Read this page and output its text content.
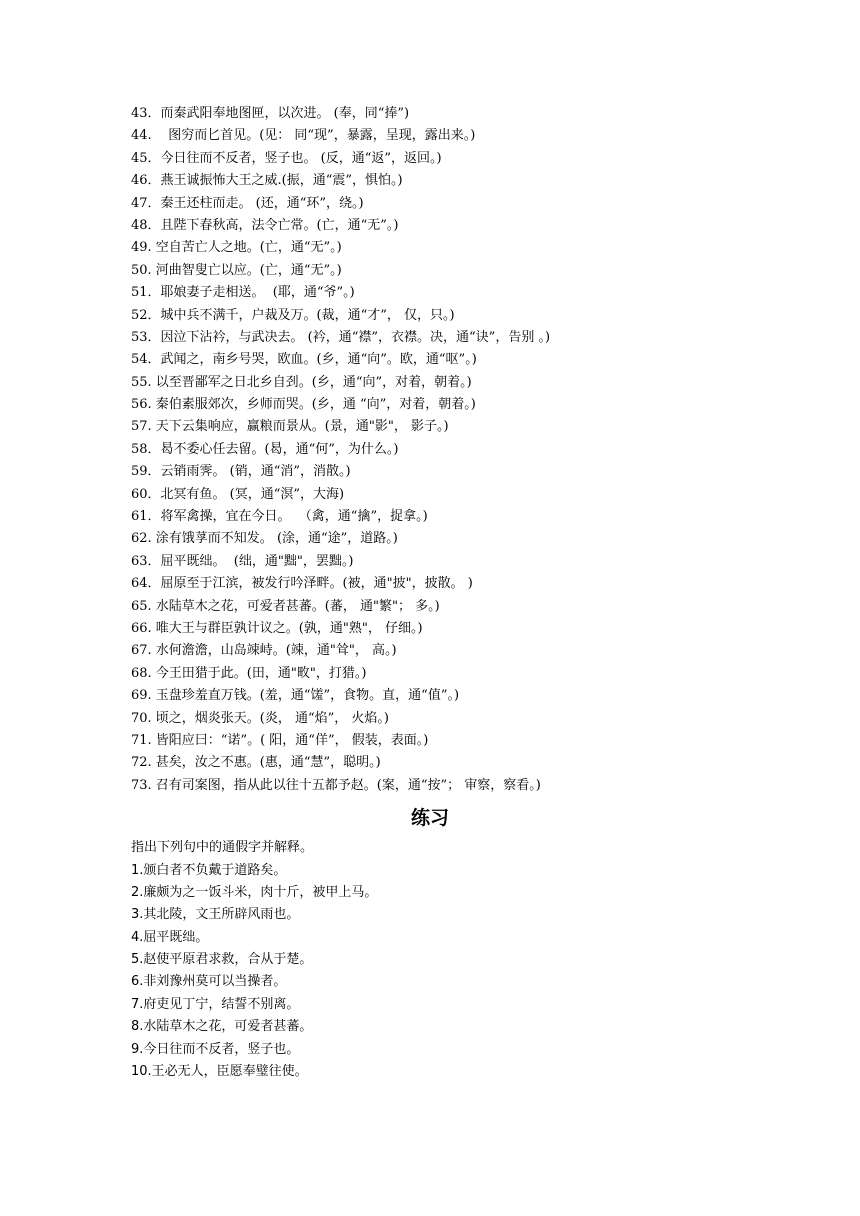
43．而秦武阳奉地图匣，以次进。 (奉，同“捧”)
44.    图穷而匕首见。(见： 同“现”，暴露，呈现，露出来。)
45．今日往而不反者，竖子也。 (反，通“返”，返回。)
46．燕王诚振怖大王之威.(振，通“震”，惧怕。)
47．秦王还柱而走。 (还，通“环”，绕。)
48．且陛下春秋高，法令亡常。(亡，通“无”。)
49. 空自苦亡人之地。(亡，通“无”。)
50. 河曲智叟亡以应。(亡，通“无”。)
51．耶娘妻子走相送。  (耶，通“爷”。)
52．城中兵不满千，户裁及万。(裁，通“才”， 仅，只。)
53．因泣下沾衿，与武决去。 (衿，通“襟”，衣襟。决，通“诀”，告别 。)
54．武闻之，南乡号哭，欧血。(乡，通“向”。欧，通“呕”。)
55. 以至晋鄙军之日北乡自刭。(乡，通“向”，对着，朝着。)
56. 秦伯素服郊次，乡师而哭。(乡，通 “向”，对着，朝着。)
57. 天下云集响应，赢粮而景从。(景，通"影"， 影子。)
58．曷不委心任去留。(曷，通“何”，为什么。)
59．云销雨霁。 (销，通“消”，消散。)
60．北冥有鱼。 (冥，通“溟”，大海)
61．将军禽操，宜在今日。  （禽，通“擒”，捉拿。)
62. 涂有饿莩而不知发。 (涂，通“途”，道路。)
63．屈平既绌。  (绌，通"黜"，罢黜。)
64．屈原至于江滨，被发行吟泽畔。(被，通"披"，披散。 )
65. 水陆草木之花，可爱者甚蕃。(蕃， 通"繁"； 多。)
66. 唯大王与群臣孰计议之。(孰，通"熟"， 仔细。)
67. 水何澹澹，山岛竦峙。(竦，通"耸"， 高。)
68. 今王田猎于此。(田，通"畋"，打猎。)
69. 玉盘珍羞直万钱。(羞，通“馐”，食物。直，通“值”。)
70. 顷之，烟炎张天。(炎， 通“焰”， 火焰。)
71. 皆阳应曰：“诺”。( 阳，通“佯”， 假装，表面。)
72. 甚矣，汝之不惠。(惠，通“慧”，聪明。)
73. 召有司案图，指从此以往十五都予赵。(案，通“按”； 审察，察看。)
练习
指出下列句中的通假字并解释。
1.颁白者不负戴于道路矣。
2.廉颇为之一饭斗米，肉十斤，被甲上马。
3.其北陵，文王所辟风雨也。
4.屈平既绌。
5.赵使平原君求救，合从于楚。
6.非刘豫州莫可以当操者。
7.府吏见丁宁，结誓不别离。
8.水陆草木之花，可爱者甚蕃。
9.今日往而不反者，竖子也。
10.王必无人，臣愿奉璧往使。
